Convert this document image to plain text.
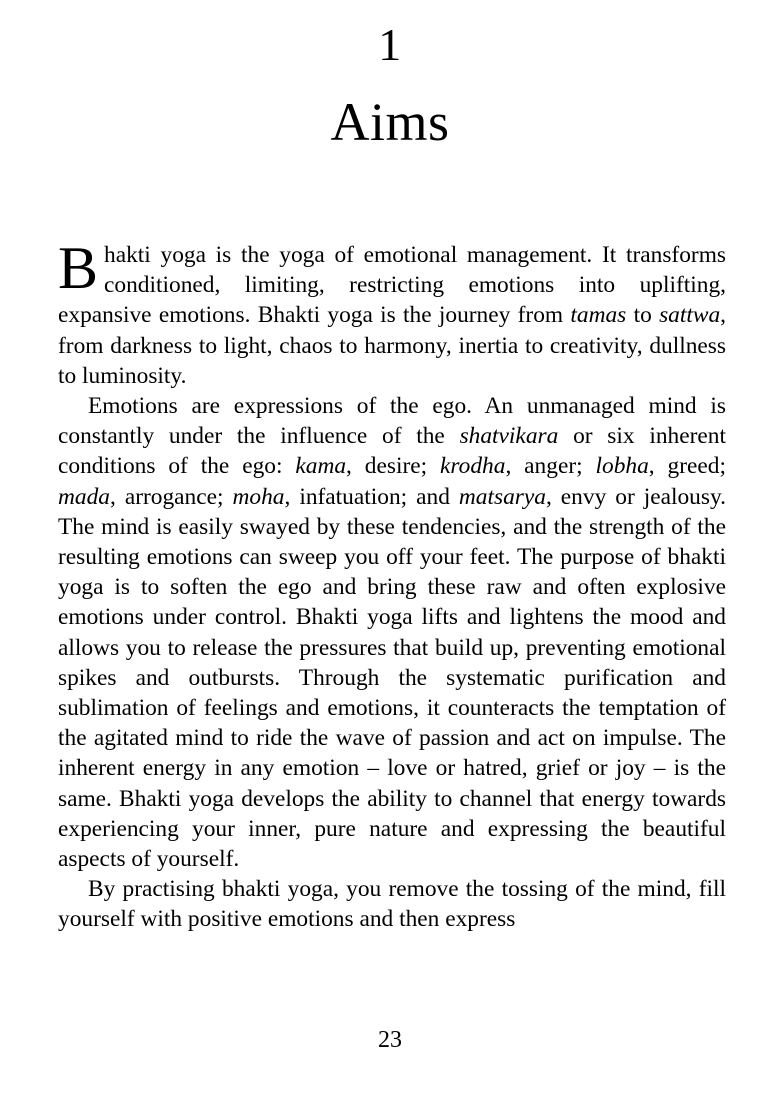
1
Aims

Bhakti yoga is the yoga of emotional management. It transforms conditioned, limiting, restricting emotions into uplifting, expansive emotions. Bhakti yoga is the journey from tamas to sattwa, from darkness to light, chaos to harmony, inertia to creativity, dullness to luminosity.

Emotions are expressions of the ego. An unmanaged mind is constantly under the influence of the shatvikara or six inherent conditions of the ego: kama, desire; krodha, anger; lobha, greed; mada, arrogance; moha, infatuation; and matsarya, envy or jealousy. The mind is easily swayed by these tendencies, and the strength of the resulting emotions can sweep you off your feet. The purpose of bhakti yoga is to soften the ego and bring these raw and often explosive emotions under control. Bhakti yoga lifts and lightens the mood and allows you to release the pressures that build up, preventing emotional spikes and outbursts. Through the systematic purification and sublimation of feelings and emotions, it counteracts the temptation of the agitated mind to ride the wave of passion and act on impulse. The inherent energy in any emotion – love or hatred, grief or joy – is the same. Bhakti yoga develops the ability to channel that energy towards experiencing your inner, pure nature and expressing the beautiful aspects of yourself.

By practising bhakti yoga, you remove the tossing of the mind, fill yourself with positive emotions and then express

23
